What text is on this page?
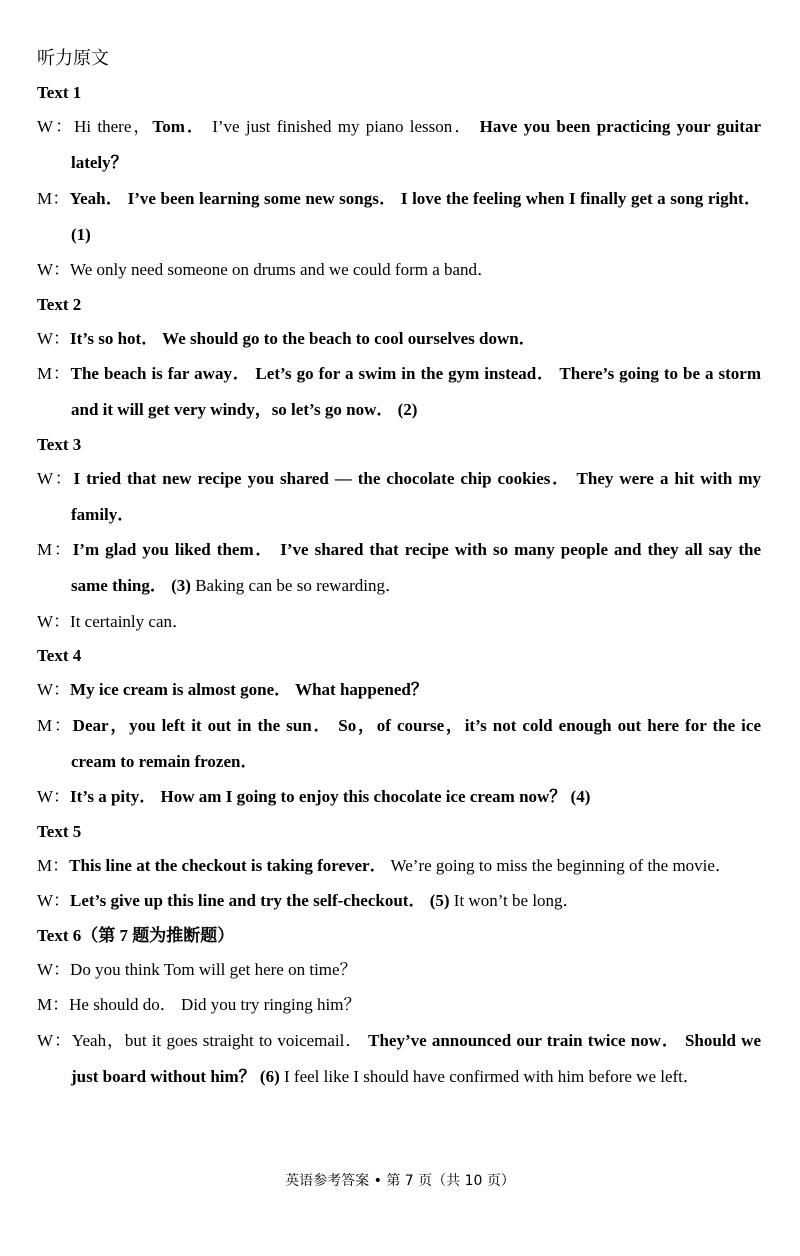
听力原文
Text 1
W：Hi there，Tom． I’ve just finished my piano lesson． Have you been practicing your guitar lately？
M：Yeah． I’ve been learning some new songs． I love the feeling when I finally get a song right． (1)
W：We only need someone on drums and we could form a band．
Text 2
W：It’s so hot． We should go to the beach to cool ourselves down．
M：The beach is far away． Let’s go for a swim in the gym instead． There’s going to be a storm and it will get very windy，so let’s go now． (2)
Text 3
W：I tried that new recipe you shared — the chocolate chip cookies． They were a hit with my family．
M：I’m glad you liked them． I’ve shared that recipe with so many people and they all say the same thing． (3) Baking can be so rewarding．
W：It certainly can．
Text 4
W：My ice cream is almost gone． What happened？
M：Dear，you left it out in the sun． So，of course，it’s not cold enough out here for the ice cream to remain frozen．
W：It’s a pity． How am I going to enjoy this chocolate ice cream now？ (4)
Text 5
M：This line at the checkout is taking forever． We’re going to miss the beginning of the movie．
W：Let’s give up this line and try the self-checkout． (5) It won’t be long．
Text 6（第 7 题为推断题）
W：Do you think Tom will get here on time？
M：He should do． Did you try ringing him？
W：Yeah，but it goes straight to voicemail． They’ve announced our train twice now． Should we just board without him？ (6) I feel like I should have confirmed with him before we left．
英语参考答案 • 第 7 页（共 10 页）
